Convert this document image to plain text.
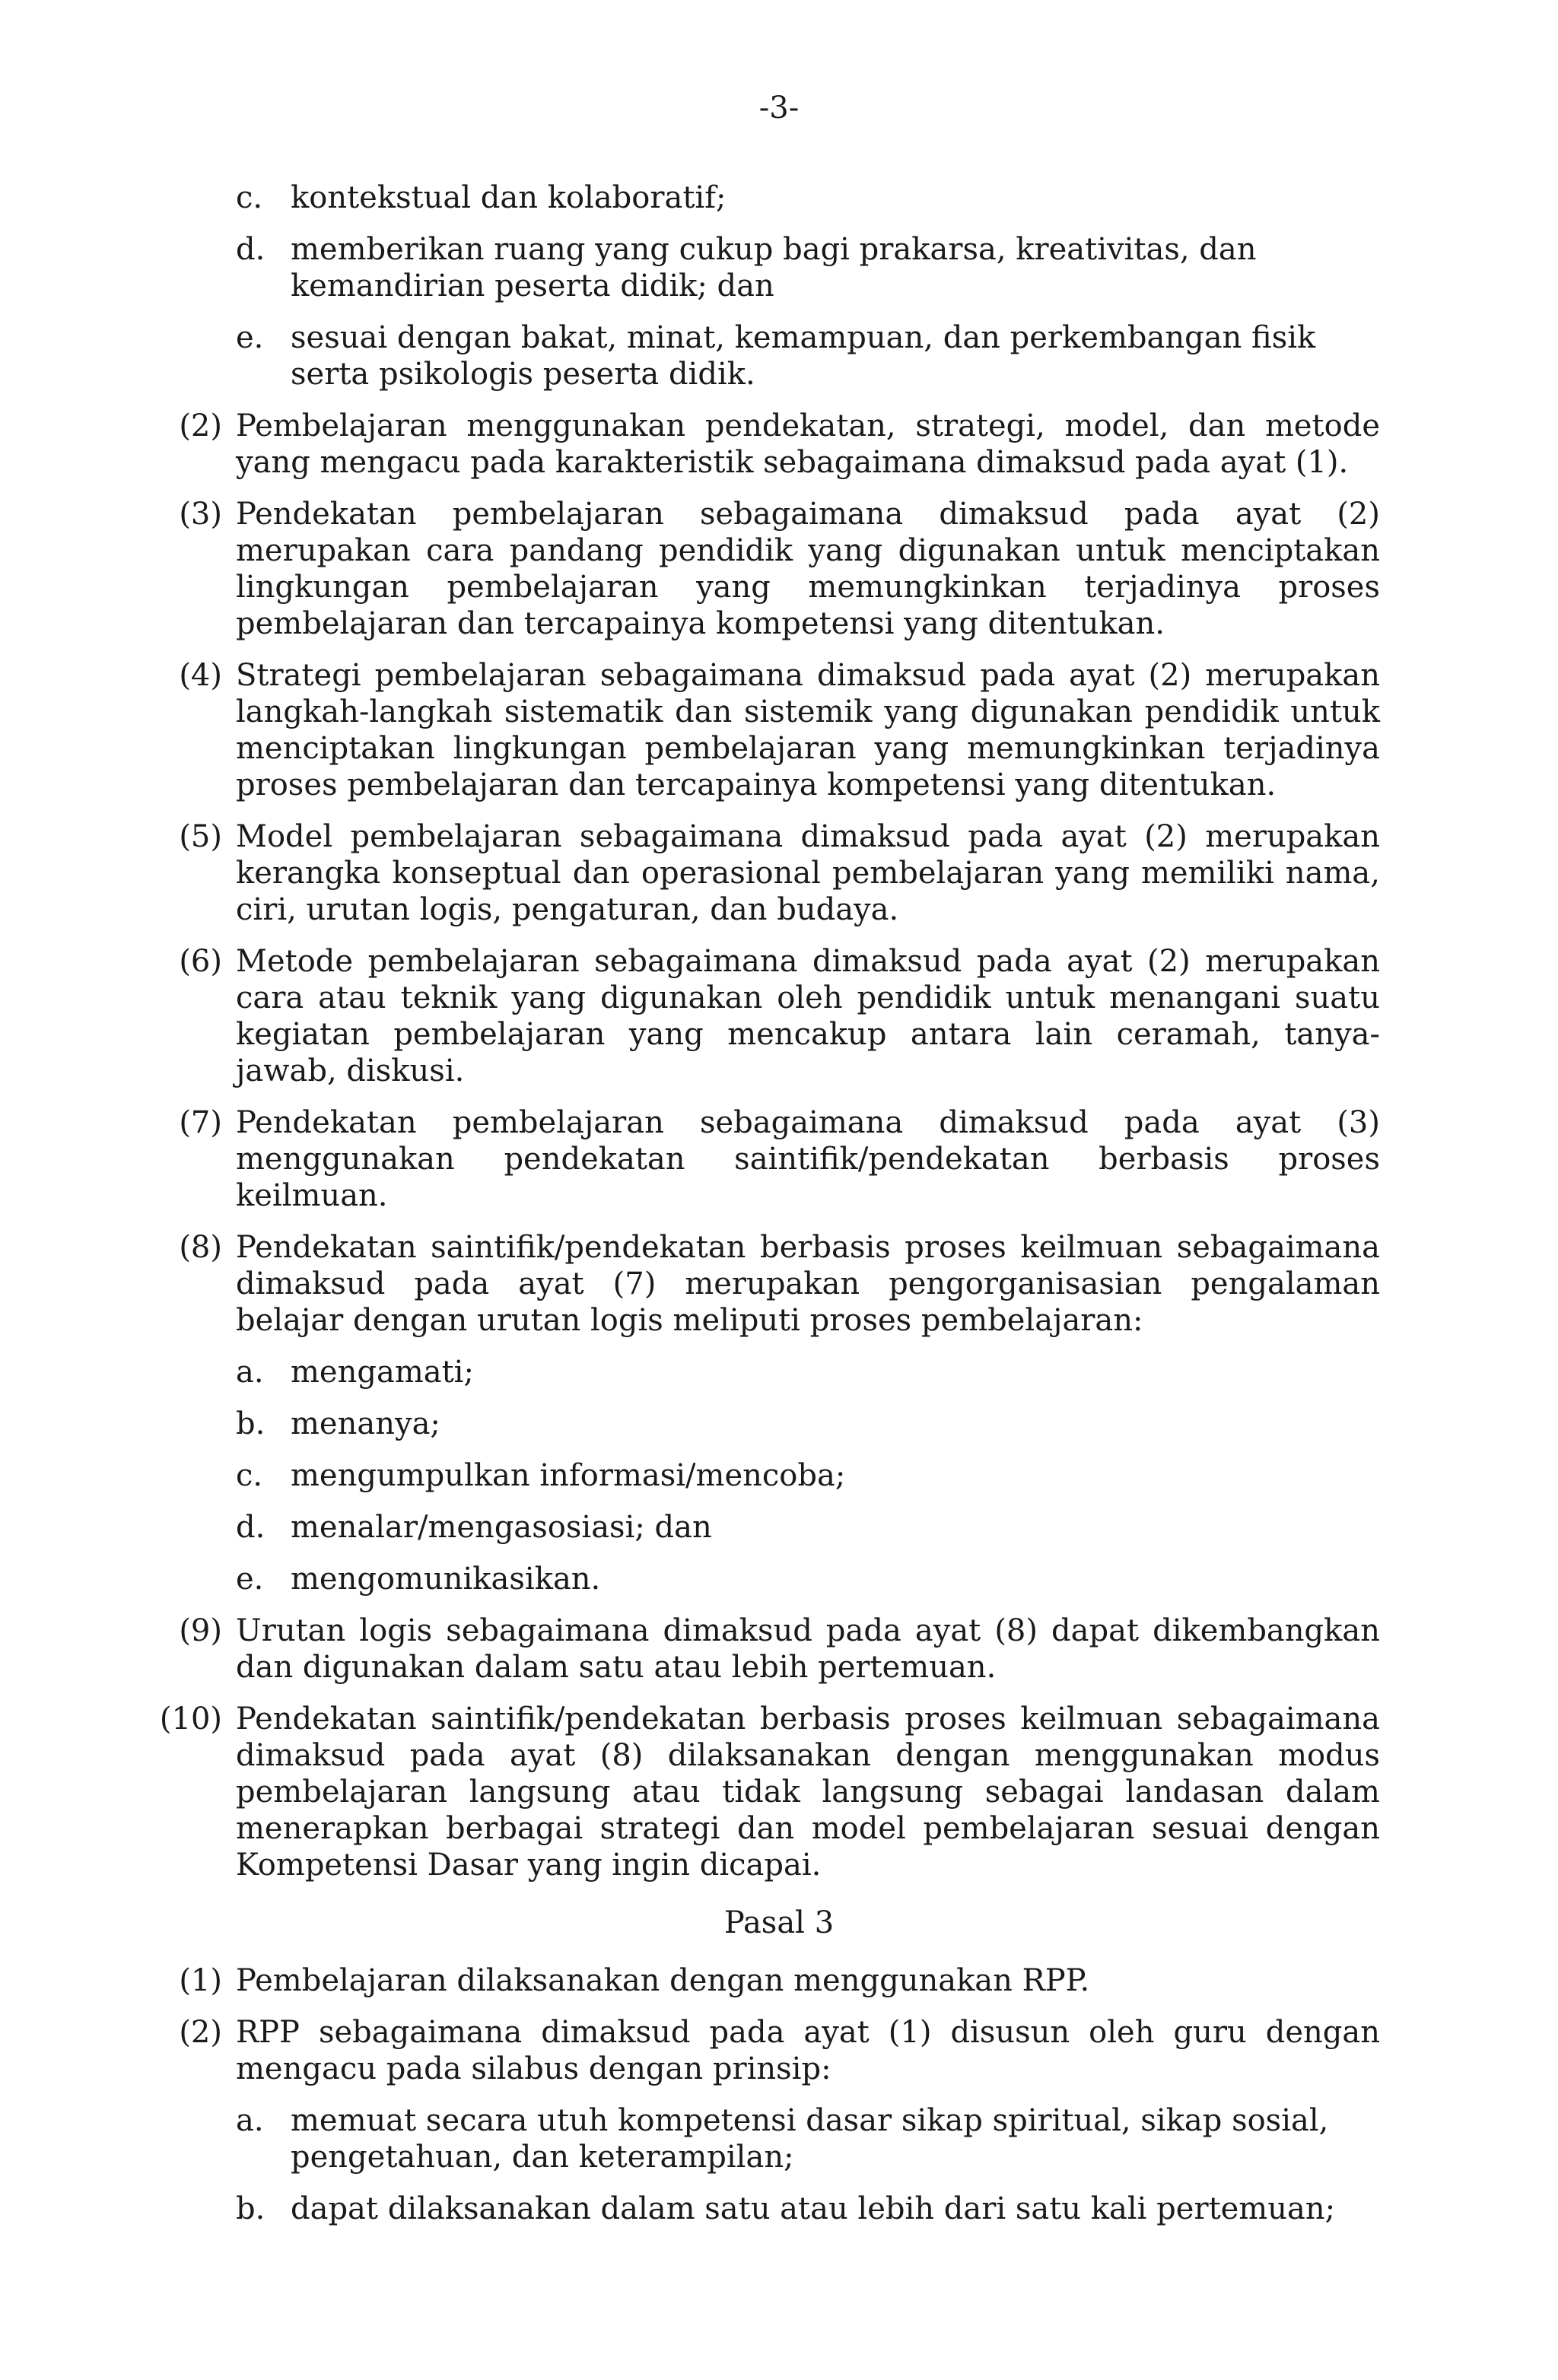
-3-
c. kontekstual dan kolaboratif;
d. memberikan ruang yang cukup bagi prakarsa, kreativitas, dan kemandirian peserta didik; dan
e. sesuai dengan bakat, minat, kemampuan, dan perkembangan fisik serta psikologis peserta didik.
(2) Pembelajaran menggunakan pendekatan, strategi, model, dan metode yang mengacu pada karakteristik sebagaimana dimaksud pada ayat (1).
(3) Pendekatan pembelajaran sebagaimana dimaksud pada ayat (2) merupakan cara pandang pendidik yang digunakan untuk menciptakan lingkungan pembelajaran yang memungkinkan terjadinya proses pembelajaran dan tercapainya kompetensi yang ditentukan.
(4) Strategi pembelajaran sebagaimana dimaksud pada ayat (2) merupakan langkah-langkah sistematik dan sistemik yang digunakan pendidik untuk menciptakan lingkungan pembelajaran yang memungkinkan terjadinya proses pembelajaran dan tercapainya kompetensi yang ditentukan.
(5) Model pembelajaran sebagaimana dimaksud pada ayat (2) merupakan kerangka konseptual dan operasional pembelajaran yang memiliki nama, ciri, urutan logis, pengaturan, dan budaya.
(6) Metode pembelajaran sebagaimana dimaksud pada ayat (2) merupakan cara atau teknik yang digunakan oleh pendidik untuk menangani suatu kegiatan pembelajaran yang mencakup antara lain ceramah, tanya-jawab, diskusi.
(7) Pendekatan pembelajaran sebagaimana dimaksud pada ayat (3) menggunakan pendekatan saintifik/pendekatan berbasis proses keilmuan.
(8) Pendekatan saintifik/pendekatan berbasis proses keilmuan sebagaimana dimaksud pada ayat (7) merupakan pengorganisasian pengalaman belajar dengan urutan logis meliputi proses pembelajaran:
a. mengamati;
b. menanya;
c. mengumpulkan informasi/mencoba;
d. menalar/mengasosiasi; dan
e. mengomunikasikan.
(9) Urutan logis sebagaimana dimaksud pada ayat (8) dapat dikembangkan dan digunakan dalam satu atau lebih pertemuan.
(10) Pendekatan saintifik/pendekatan berbasis proses keilmuan sebagaimana dimaksud pada ayat (8) dilaksanakan dengan menggunakan modus pembelajaran langsung atau tidak langsung sebagai landasan dalam menerapkan berbagai strategi dan model pembelajaran sesuai dengan Kompetensi Dasar yang ingin dicapai.
Pasal 3
(1) Pembelajaran dilaksanakan dengan menggunakan RPP.
(2) RPP sebagaimana dimaksud pada ayat (1) disusun oleh guru dengan mengacu pada silabus dengan prinsip:
a. memuat secara utuh kompetensi dasar sikap spiritual, sikap sosial, pengetahuan, dan keterampilan;
b. dapat dilaksanakan dalam satu atau lebih dari satu kali pertemuan;
